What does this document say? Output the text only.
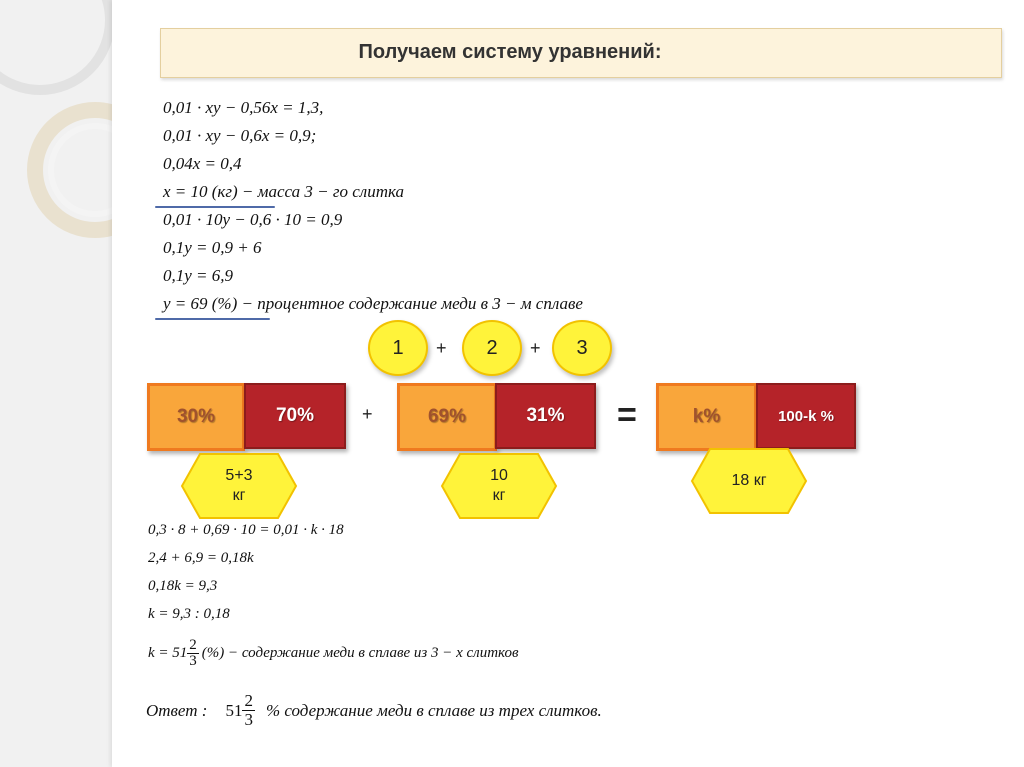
Получаем систему уравнений:
0,01 · xy − 0,56x = 1,3,
0,01 · xy − 0,6x = 0,9;
0,04x = 0,4
x = 10 (кг) − масса 3 − го слитка
0,01 · 10y − 0,6 · 10 = 0,9
0,1y = 0,9 + 6
0,1y = 6,9
y = 69 (%) − процентное содержание меди в 3 − м сплаве
1	+	2	+	3
30%	70%	+	69%	31% =	k%	100-k %
5+3
кг
10
кг
18 кг
0,3 · 8 + 0,69 · 10 = 0,01 · k · 18
2,4 + 6,9 = 0,18k
0,18k = 9,3
k = 9,3 : 0,18
$k = 51 \frac{2}{3}$ (%) − содержание меди в сплаве из 3 − х слитков
Ответ : $51 \frac{2}{3}$ % содержание меди в сплаве из трех слитков.
